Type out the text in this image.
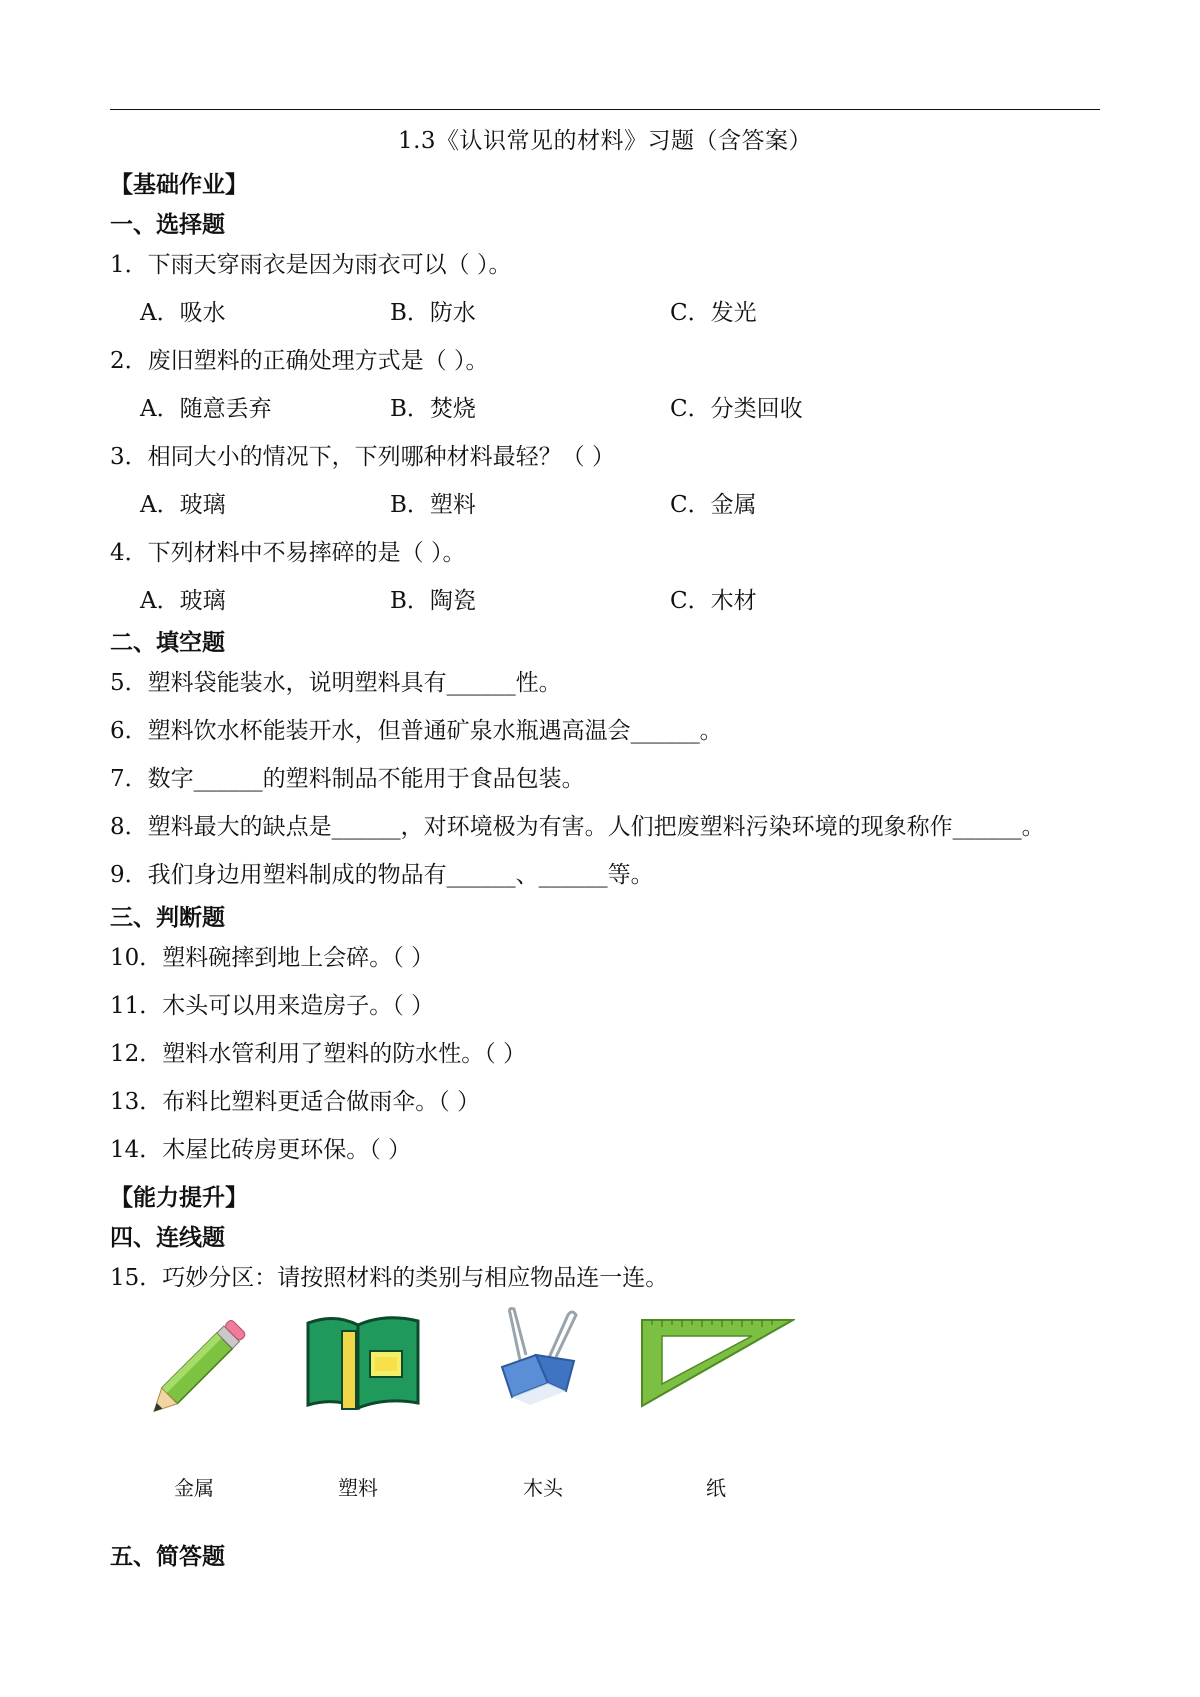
1.3《认识常见的材料》习题（含答案）
【基础作业】
一、选择题
1．下雨天穿雨衣是因为雨衣可以（ ）。
A．吸水	B．防水	C．发光
2．废旧塑料的正确处理方式是（ ）。
A．随意丢弃	B．焚烧	C．分类回收
3．相同大小的情况下，下列哪种材料最轻？（ ）
A．玻璃	B．塑料	C．金属
4．下列材料中不易摔碎的是（ ）。
A．玻璃	B．陶瓷	C．木材
二、填空题
5．塑料袋能装水，说明塑料具有______性。
6．塑料饮水杯能装开水，但普通矿泉水瓶遇高温会______。
7．数字______的塑料制品不能用于食品包装。
8．塑料最大的缺点是______，对环境极为有害。人们把废塑料污染环境的现象称作______。
9．我们身边用塑料制成的物品有______、______等。
三、判断题
10．塑料碗摔到地上会碎。（ ）
11．木头可以用来造房子。（ ）
12．塑料水管利用了塑料的防水性。（ ）
13．布料比塑料更适合做雨伞。（ ）
14．木屋比砖房更环保。（ ）
【能力提升】
四、连线题
15．巧妙分区：请按照材料的类别与相应物品连一连。
金属	塑料	木头	纸
五、简答题
